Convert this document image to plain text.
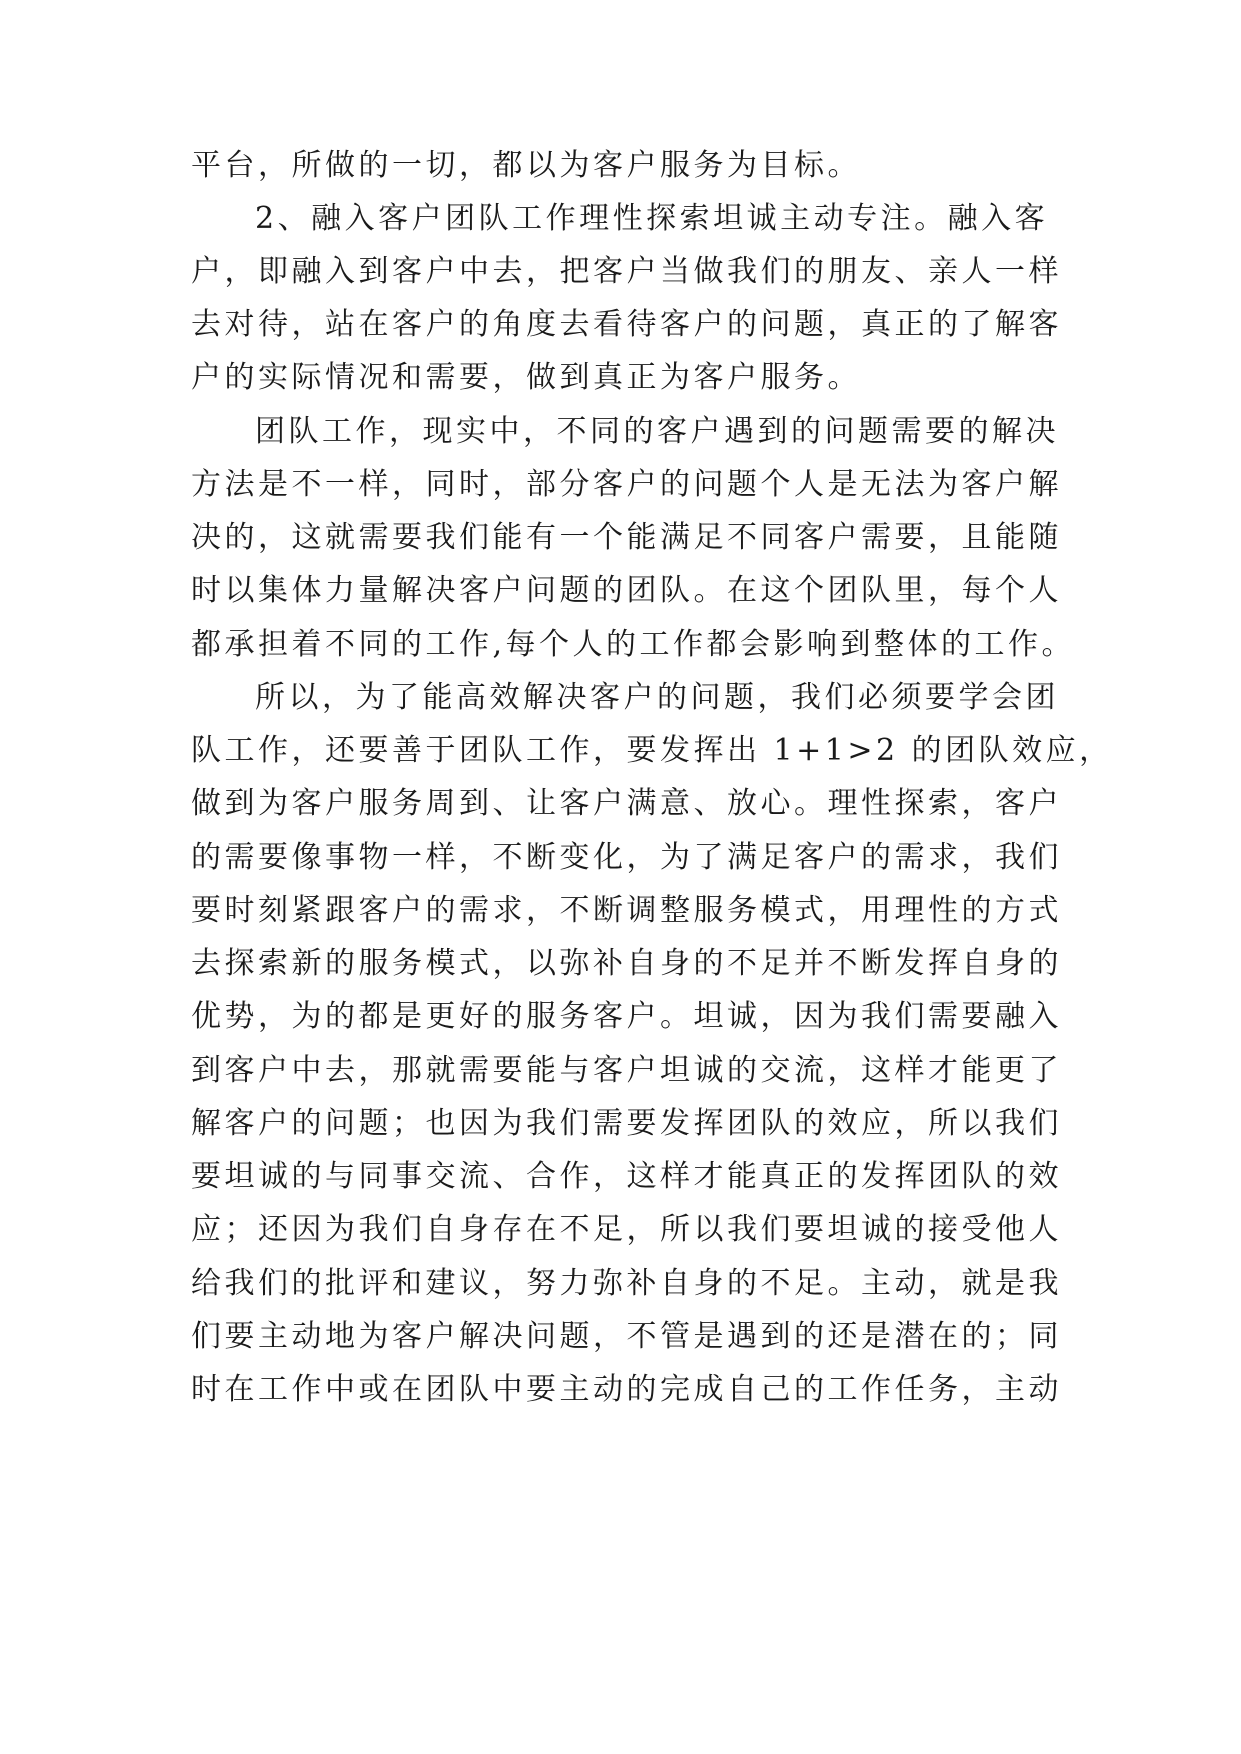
平台，所做的一切，都以为客户服务为目标。
2、融入客户团队工作理性探索坦诚主动专注。融入客
户，即融入到客户中去，把客户当做我们的朋友、亲人一样
去对待，站在客户的角度去看待客户的问题，真正的了解客
户的实际情况和需要，做到真正为客户服务。
团队工作，现实中，不同的客户遇到的问题需要的解决
方法是不一样，同时，部分客户的问题个人是无法为客户解
决的，这就需要我们能有一个能满足不同客户需要，且能随
时以集体力量解决客户问题的团队。在这个团队里，每个人
都承担着不同的工作,每个人的工作都会影响到整体的工作。
所以，为了能高效解决客户的问题，我们必须要学会团
队工作，还要善于团队工作，要发挥出 1+1>2 的团队效应，
做到为客户服务周到、让客户满意、放心。理性探索，客户
的需要像事物一样，不断变化，为了满足客户的需求，我们
要时刻紧跟客户的需求，不断调整服务模式，用理性的方式
去探索新的服务模式，以弥补自身的不足并不断发挥自身的
优势，为的都是更好的服务客户。坦诚，因为我们需要融入
到客户中去，那就需要能与客户坦诚的交流，这样才能更了
解客户的问题；也因为我们需要发挥团队的效应，所以我们
要坦诚的与同事交流、合作，这样才能真正的发挥团队的效
应；还因为我们自身存在不足，所以我们要坦诚的接受他人
给我们的批评和建议，努力弥补自身的不足。主动，就是我
们要主动地为客户解决问题，不管是遇到的还是潜在的；同
时在工作中或在团队中要主动的完成自己的工作任务，主动
